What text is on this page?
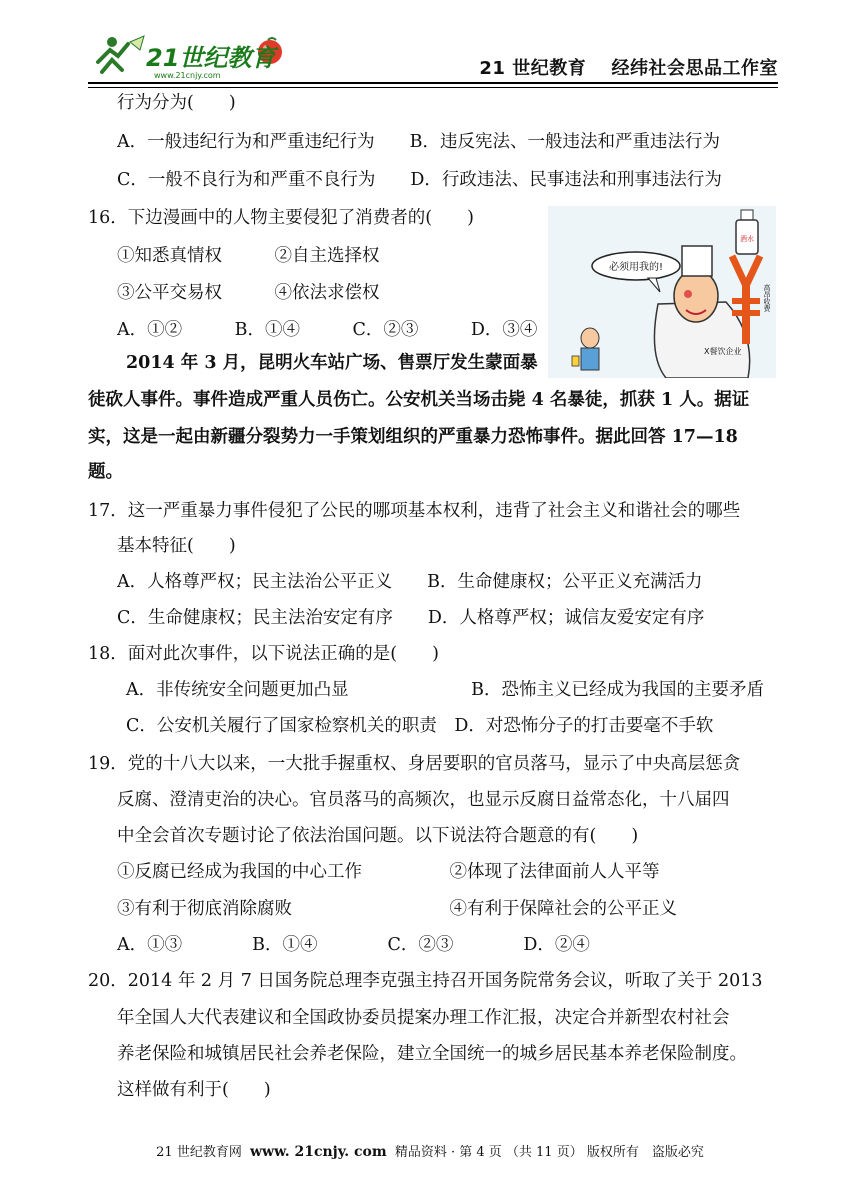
21世纪教育
www.21cnjy.com	21 世纪教育　 经纬社会思品工作室
行为分为(　　)
A．一般违纪行为和严重违纪行为　　B．违反宪法、一般违法和严重违法行为
C．一般不良行为和严重不良行为　　D．行政违法、民事违法和刑事违法行为
16．下边漫画中的人物主要侵犯了消费者的(　　)
①知悉真情权　　　②自主选择权
③公平交易权　　　④依法求偿权
A．①②　　　B．①④　　　C．②③　　　D．③④
2014 年 3 月，昆明火车站广场、售票厅发生蒙面暴
徒砍人事件。事件造成严重人员伤亡。公安机关当场击毙 4 名暴徒，抓获 1 人。据证
实，这是一起由新疆分裂势力一手策划组织的严重暴力恐怖事件。据此回答 17—18
题。
17．这一严重暴力事件侵犯了公民的哪项基本权利，违背了社会主义和谐社会的哪些
基本特征(　　)
A．人格尊严权；民主法治公平正义　　B．生命健康权；公平正义充满活力
C．生命健康权；民主法治安定有序　　D．人格尊严权；诚信友爱安定有序
18．面对此次事件，以下说法正确的是(　　)
A．非传统安全问题更加凸显　　　　　　　B．恐怖主义已经成为我国的主要矛盾
C．公安机关履行了国家检察机关的职责　D．对恐怖分子的打击要毫不手软
19．党的十八大以来，一大批手握重权、身居要职的官员落马，显示了中央高层惩贪
反腐、澄清吏治的决心。官员落马的高频次，也显示反腐日益常态化，十八届四
中全会首次专题讨论了依法治国问题。以下说法符合题意的有(　　)
①反腐已经成为我国的中心工作　　　　　②体现了法律面前人人平等
③有利于彻底消除腐败　　　　　　　　　④有利于保障社会的公平正义
A．①③　　　　B．①④　　　　C．②③　　　　D．②④
20．2014 年 2 月 7 日国务院总理李克强主持召开国务院常务会议，听取了关于 2013
年全国人大代表建议和全国政协委员提案办理工作汇报，决定合并新型农村社会
养老保险和城镇居民社会养老保险，建立全国统一的城乡居民基本养老保险制度。
这样做有利于(　　)
必须用我的!
X餐饮企业
酒水
高昂收费
21 世纪教育网 www. 21cnjy. com 精品资料 · 第 4 页 （共 11 页） 版权所有　盗版必究
